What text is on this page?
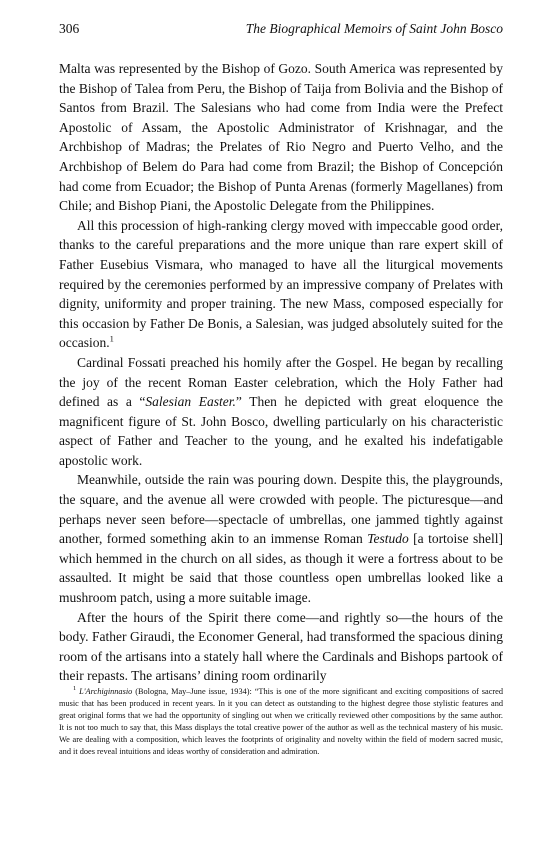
306	The Biographical Memoirs of Saint John Bosco

Malta was represented by the Bishop of Gozo. South America was represented by the Bishop of Talea from Peru, the Bishop of Taija from Bolivia and the Bishop of Santos from Brazil. The Salesians who had come from India were the Prefect Apostolic of Assam, the Apostolic Administrator of Krishnagar, and the Archbishop of Madras; the Prelates of Rio Negro and Puerto Velho, and the Archbishop of Belem do Para had come from Brazil; the Bishop of Concepción had come from Ecuador; the Bishop of Punta Arenas (formerly Magellanes) from Chile; and Bishop Piani, the Apostolic Delegate from the Philippines.

All this procession of high-ranking clergy moved with impeccable good order, thanks to the careful preparations and the more unique than rare expert skill of Father Eusebius Vismara, who managed to have all the liturgical movements required by the ceremonies performed by an impressive company of Prelates with dignity, uniformity and proper training. The new Mass, composed especially for this occasion by Father De Bonis, a Salesian, was judged absolutely suited for the occasion.$^1$

Cardinal Fossati preached his homily after the Gospel. He began by recalling the joy of the recent Roman Easter celebration, which the Holy Father had defined as a “Salesian Easter.” Then he depicted with great eloquence the magnificent figure of St. John Bosco, dwelling particularly on his characteristic aspect of Father and Teacher to the young, and he exalted his indefatigable apostolic work.

Meanwhile, outside the rain was pouring down. Despite this, the playgrounds, the square, and the avenue all were crowded with people. The picturesque—and perhaps never seen before—spectacle of umbrellas, one jammed tightly against another, formed something akin to an immense Roman Testudo [a tortoise shell] which hemmed in the church on all sides, as though it were a fortress about to be assaulted. It might be said that those countless open umbrellas looked like a mushroom patch, using a more suitable image.

After the hours of the Spirit there come—and rightly so—the hours of the body. Father Giraudi, the Economer General, had transformed the spacious dining room of the artisans into a stately hall where the Cardinals and Bishops partook of their repasts. The artisans’ dining room ordinarily

$^1$ L'Archiginnasio (Bologna, May–June issue, 1934): “This is one of the more significant and exciting compositions of sacred music that has been produced in recent years. In it you can detect as outstanding to the highest degree those stylistic features and great original forms that we had the opportunity of singling out when we critically reviewed other compositions by the same author. It is not too much to say that, this Mass displays the total creative power of the author as well as the technical mastery of his music. We are dealing with a composition, which leaves the footprints of originality and novelty within the field of modern sacred music, and it does reveal intuitions and ideas worthy of consideration and admiration.
